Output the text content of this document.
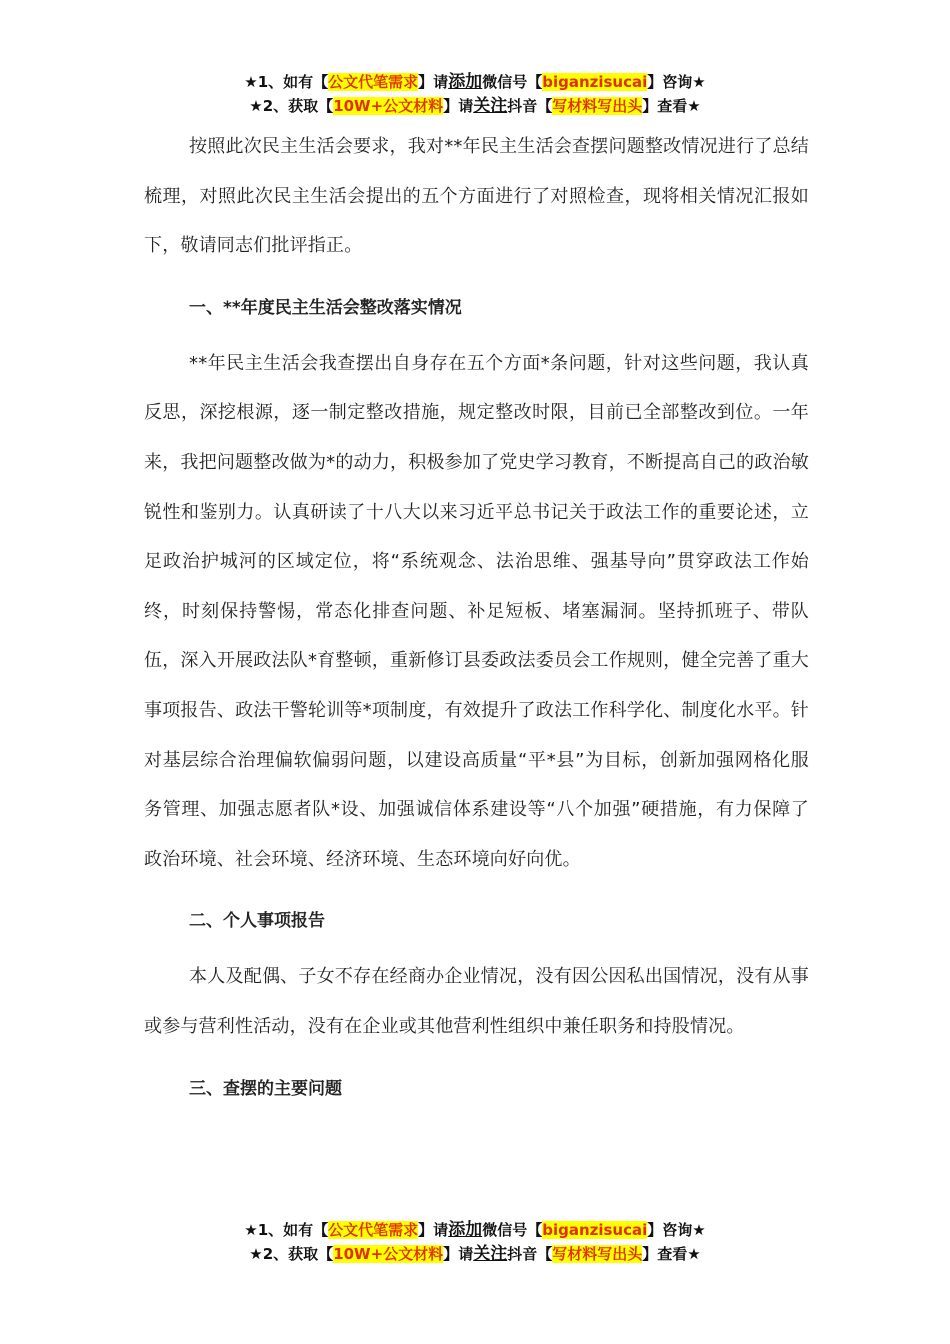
★1、如有【公文代笔需求】请添加微信号【biganzisucai】咨询★
★2、获取【10W+公文材料】请关注抖音【写材料写出头】查看★

按照此次民主生活会要求，我对**年民主生活会查摆问题整改情况进行了总结梳理，对照此次民主生活会提出的五个方面进行了对照检查，现将相关情况汇报如下，敬请同志们批评指正。

一、**年度民主生活会整改落实情况

**年民主生活会我查摆出自身存在五个方面*条问题，针对这些问题，我认真反思，深挖根源，逐一制定整改措施，规定整改时限，目前已全部整改到位。一年来，我把问题整改做为*的动力，积极参加了党史学习教育，不断提高自己的政治敏锐性和鉴别力。认真研读了十八大以来习近平总书记关于政法工作的重要论述，立足政治护城河的区域定位，将“系统观念、法治思维、强基导向”贯穿政法工作始终，时刻保持警惕，常态化排查问题、补足短板、堵塞漏洞。坚持抓班子、带队伍，深入开展政法队*育整顿，重新修订县委政法委员会工作规则，健全完善了重大事项报告、政法干警轮训等*项制度，有效提升了政法工作科学化、制度化水平。针对基层综合治理偏软偏弱问题，以建设高质量“平*县”为目标，创新加强网格化服务管理、加强志愿者队*设、加强诚信体系建设等“八个加强”硬措施，有力保障了政治环境、社会环境、经济环境、生态环境向好向优。

二、个人事项报告

本人及配偶、子女不存在经商办企业情况，没有因公因私出国情况，没有从事或参与营利性活动，没有在企业或其他营利性组织中兼任职务和持股情况。

三、查摆的主要问题
★1、如有【公文代笔需求】请添加微信号【biganzisucai】咨询★
★2、获取【10W+公文材料】请关注抖音【写材料写出头】查看★
